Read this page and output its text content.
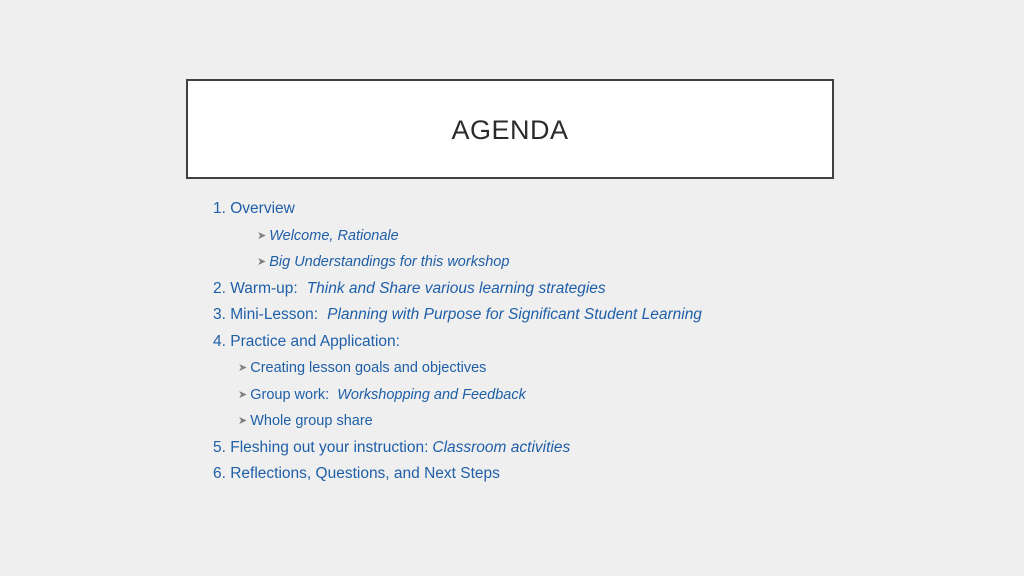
AGENDA
1. Overview
➤ Welcome, Rationale
➤ Big Understandings for this workshop
2. Warm-up: Think and Share various learning strategies
3. Mini-Lesson: Planning with Purpose for Significant Student Learning
4. Practice and Application:
➤ Creating lesson goals and objectives
➤ Group work: Workshopping and Feedback
➤ Whole group share
5. Fleshing out your instruction: Classroom activities
6. Reflections, Questions, and Next Steps
